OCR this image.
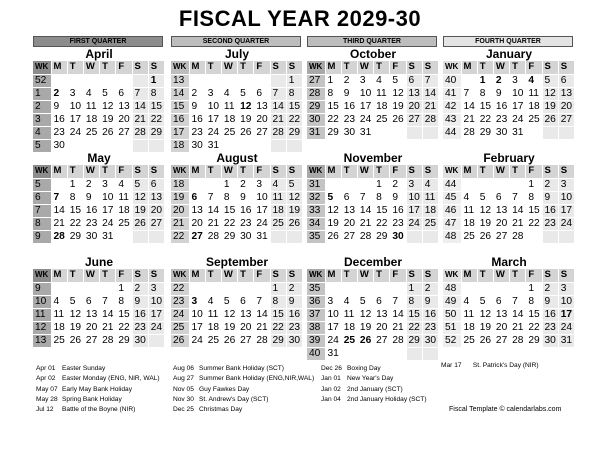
FISCAL YEAR 2029-30
FIRST QUARTER	SECOND QUARTER	THIRD QUARTER	FOURTH QUARTER
April
WK	M	T	W	T	F	S	S
52							1
1	2	3	4	5	6	7	8
2	9	10	11	12	13	14	15
3	16	17	18	19	20	21	22
4	23	24	25	26	27	28	29
5	30						
July
WK	M	T	W	T	F	S	S
13							1
14	2	3	4	5	6	7	8
15	9	10	11	12	13	14	15
16	16	17	18	19	20	21	22
17	23	24	25	26	27	28	29
18	30	31					
October
WK	M	T	W	T	F	S	S
27	1	2	3	4	5	6	7
28	8	9	10	11	12	13	14
29	15	16	17	18	19	20	21
30	22	23	24	25	26	27	28
31	29	30	31				
January
WK	M	T	W	T	F	S	S
40		1	2	3	4	5	6
41	7	8	9	10	11	12	13
42	14	15	16	17	18	19	20
43	21	22	23	24	25	26	27
44	28	29	30	31			
May
WK	M	T	W	T	F	S	S
5		1	2	3	4	5	6
6	7	8	9	10	11	12	13
7	14	15	16	17	18	19	20
8	21	22	23	24	25	26	27
9	28	29	30	31			
August
WK	M	T	W	T	F	S	S
18			1	2	3	4	5
19	6	7	8	9	10	11	12
20	13	14	15	16	17	18	19
21	20	21	22	23	24	25	26
22	27	28	29	30	31		
November
WK	M	T	W	T	F	S	S
31				1	2	3	4
32	5	6	7	8	9	10	11
33	12	13	14	15	16	17	18
34	19	20	21	22	23	24	25
35	26	27	28	29	30		
February
WK	M	T	W	T	F	S	S
44					1	2	3
45	4	5	6	7	8	9	10
46	11	12	13	14	15	16	17
47	18	19	20	21	22	23	24
48	25	26	27	28			
June
WK	M	T	W	T	F	S	S
9					1	2	3
10	4	5	6	7	8	9	10
11	11	12	13	14	15	16	17
12	18	19	20	21	22	23	24
13	25	26	27	28	29	30	
September
WK	M	T	W	T	F	S	S
22						1	2
23	3	4	5	6	7	8	9
24	10	11	12	13	14	15	16
25	17	18	19	20	21	22	23
26	24	25	26	27	28	29	30
December
WK	M	T	W	T	F	S	S
35						1	2
36	3	4	5	6	7	8	9
37	10	11	12	13	14	15	16
38	17	18	19	20	21	22	23
39	24	25	26	27	28	29	30
40	31						
March
WK	M	T	W	T	F	S	S
48					1	2	3
49	4	5	6	7	8	9	10
50	11	12	13	14	15	16	17
51	18	19	20	21	22	23	24
52	25	26	27	28	29	30	31
Apr 01 Easter Sunday
Apr 02 Easter Monday (ENG, NIR, WAL)
May 07 Early May Bank Holiday
May 28 Spring Bank Holiday
Jul 12 Battle of the Boyne (NIR)
Aug 06 Summer Bank Holiday (SCT)
Aug 27 Summer Bank Holiday (ENG,NIR,WAL)
Nov 05 Guy Fawkes Day
Nov 30 St. Andrew's Day (SCT)
Dec 25 Christmas Day
Dec 26 Boxing Day
Jan 01 New Year's Day
Jan 02 2nd January (SCT)
Jan 04 2nd January Holiday (SCT)
Mar 17 St. Patrick's Day (NIR)
Fiscal Template © calendarlabs.com
